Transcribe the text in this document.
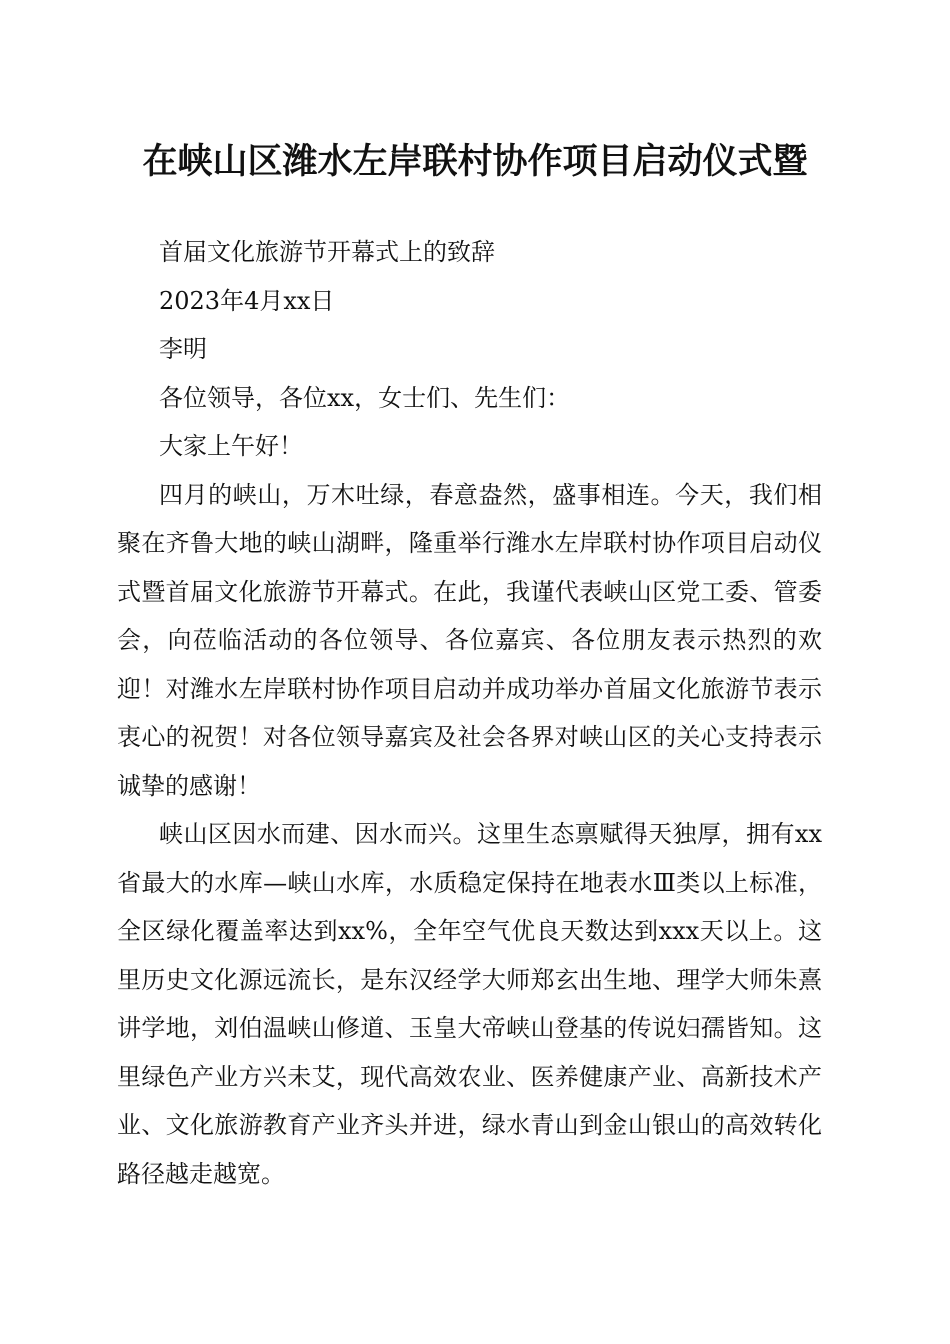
在峡山区潍水左岸联村协作项目启动仪式暨

首届文化旅游节开幕式上的致辞

2023年4月xx日

李明

各位领导，各位xx，女士们、先生们：

大家上午好！

四月的峡山，万木吐绿，春意盎然，盛事相连。今天，我们相聚在齐鲁大地的峡山湖畔，隆重举行潍水左岸联村协作项目启动仪式暨首届文化旅游节开幕式。在此，我谨代表峡山区党工委、管委会，向莅临活动的各位领导、各位嘉宾、各位朋友表示热烈的欢迎！对潍水左岸联村协作项目启动并成功举办首届文化旅游节表示衷心的祝贺！对各位领导嘉宾及社会各界对峡山区的关心支持表示诚挚的感谢！

峡山区因水而建、因水而兴。这里生态禀赋得天独厚，拥有xx省最大的水库—峡山水库，水质稳定保持在地表水Ⅲ类以上标准，全区绿化覆盖率达到xx%，全年空气优良天数达到xxx天以上。这里历史文化源远流长，是东汉经学大师郑玄出生地、理学大师朱熹讲学地，刘伯温峡山修道、玉皇大帝峡山登基的传说妇孺皆知。这里绿色产业方兴未艾，现代高效农业、医养健康产业、高新技术产业、文化旅游教育产业齐头并进，绿水青山到金山银山的高效转化路径越走越宽。
